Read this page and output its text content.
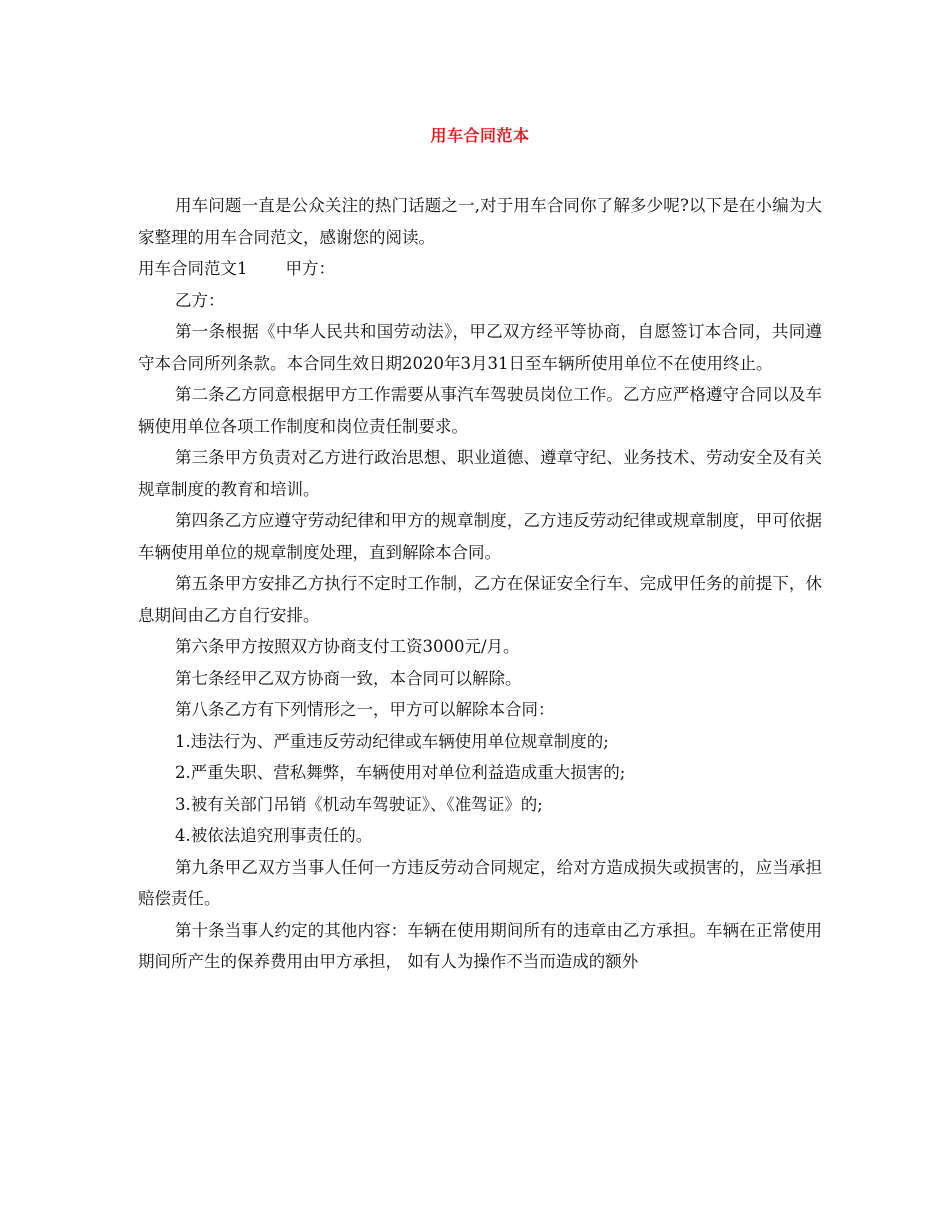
用车合同范本

用车问题一直是公众关注的热门话题之一,对于用车合同你了解多少呢?以下是在小编为大家整理的用车合同范文，感谢您的阅读。

用车合同范文1 甲方：

乙方：

第一条根据《中华人民共和国劳动法》，甲乙双方经平等协商，自愿签订本合同，共同遵守本合同所列条款。本合同生效日期2020年3月31日至车辆所使用单位不在使用终止。

第二条乙方同意根据甲方工作需要从事汽车驾驶员岗位工作。乙方应严格遵守合同以及车辆使用单位各项工作制度和岗位责任制要求。

第三条甲方负责对乙方进行政治思想、职业道德、遵章守纪、业务技术、劳动安全及有关规章制度的教育和培训。

第四条乙方应遵守劳动纪律和甲方的规章制度，乙方违反劳动纪律或规章制度，甲可依据车辆使用单位的规章制度处理，直到解除本合同。

第五条甲方安排乙方执行不定时工作制，乙方在保证安全行车、完成甲任务的前提下，休息期间由乙方自行安排。

第六条甲方按照双方协商支付工资3000元/月。

第七条经甲乙双方协商一致，本合同可以解除。

第八条乙方有下列情形之一，甲方可以解除本合同：

1.违法行为、严重违反劳动纪律或车辆使用单位规章制度的;

2.严重失职、营私舞弊，车辆使用对单位利益造成重大损害的;

3.被有关部门吊销《机动车驾驶证》、《准驾证》的;

4.被依法追究刑事责任的。

第九条甲乙双方当事人任何一方违反劳动合同规定，给对方造成损失或损害的，应当承担赔偿责任。

第十条当事人约定的其他内容：车辆在使用期间所有的违章由乙方承担。车辆在正常使用期间所产生的保养费用由甲方承担， 如有人为操作不当而造成的额外
